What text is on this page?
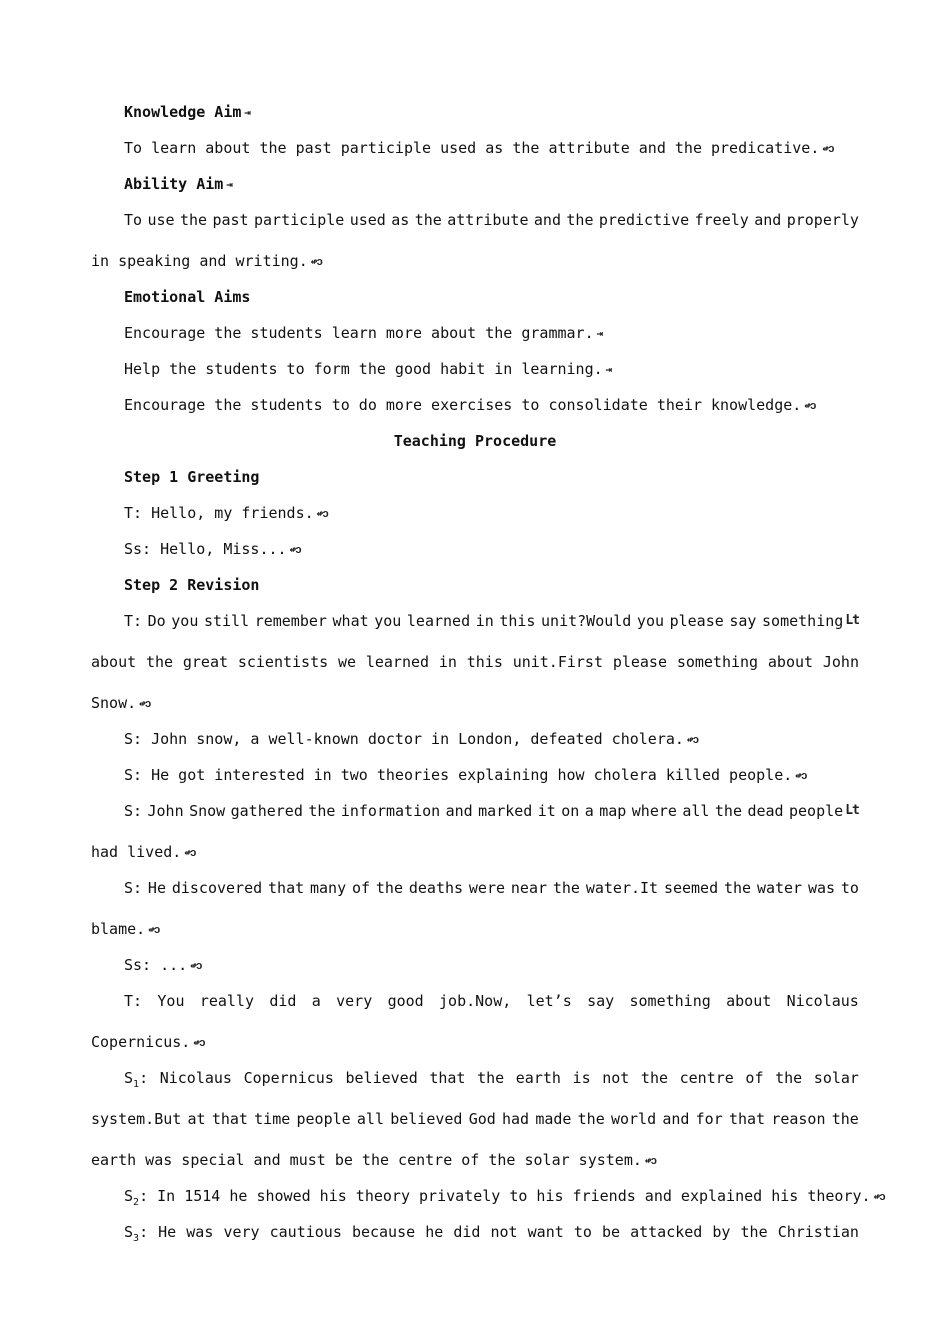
Knowledge Aim ⇥
To learn about the past participle used as the attribute and the predicative. ↫ↄ
Ability Aim ⇥
To use the past participle used as the attribute and the predictive freely and properly
in speaking and writing. ↫ↄ
Emotional Aims
Encourage the students learn more about the grammar. ⇥
Help the students to form the good habit in learning. ⇥
Encourage the students to do more exercises to consolidate their knowledge. ↫ↄ
Teaching Procedure
Step 1 Greeting
T: Hello, my friends. ↫ↄ
Ss: Hello, Miss... ↫ↄ
Step 2 Revision
T: Do you still remember what you learned in this unit?Would you please say something Lt
about the great scientists we learned in this unit.First please something about John
Snow. ↫ↄ
S: John snow, a well-known doctor in London, defeated cholera. ↫ↄ
S: He got interested in two theories explaining how cholera killed people. ↫ↄ
S: John Snow gathered the information and marked it on a map where all the dead people Lt
had lived. ↫ↄ
S: He discovered that many of the deaths were near the water.It seemed the water was to
blame. ↫ↄ
Ss: ... ↫ↄ
T: You really did a very good job.Now, let’s say something about Nicolaus
Copernicus. ↫ↄ
$S_1$: Nicolaus Copernicus believed that the earth is not the centre of the solar
system.But at that time people all believed God had made the world and for that reason the
earth was special and must be the centre of the solar system. ↫ↄ
$S_2$: In 1514 he showed his theory privately to his friends and explained his theory. ↫ↄ
$S_3$: He was very cautious because he did not want to be attacked by the Christian
